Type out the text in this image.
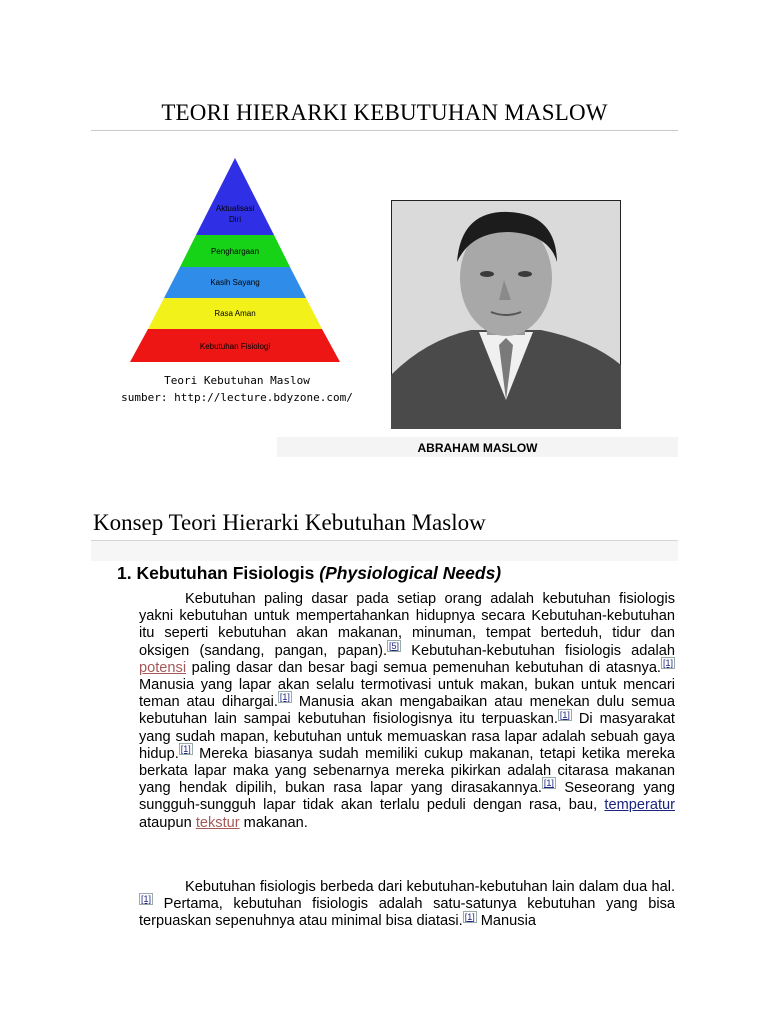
TEORI HIERARKI KEBUTUHAN MASLOW
Aktualisasi
Diri
Penghargaan
Kasih Sayang
Rasa Aman
Kebutuhan Fisiologi
Teori Kebutuhan Maslow
sumber: http://lecture.bdyzone.com/
ABRAHAM MASLOW
Konsep Teori Hierarki Kebutuhan Maslow
1. Kebutuhan Fisiologis (Physiological Needs)

Kebutuhan paling dasar pada setiap orang adalah kebutuhan fisiologis yakni kebutuhan untuk mempertahankan hidupnya secara Kebutuhan-kebutuhan itu seperti kebutuhan akan makanan, minuman, tempat berteduh, tidur dan oksigen (sandang, pangan, papan). [5] Kebutuhan-kebutuhan fisiologis adalah potensi paling dasar dan besar bagi semua pemenuhan kebutuhan di atasnya. [1] Manusia yang lapar akan selalu termotivasi untuk makan, bukan untuk mencari teman atau dihargai. [1] Manusia akan mengabaikan atau menekan dulu semua kebutuhan lain sampai kebutuhan fisiologisnya itu terpuaskan. [1] Di masyarakat yang sudah mapan, kebutuhan untuk memuaskan rasa lapar adalah sebuah gaya hidup. [1] Mereka biasanya sudah memiliki cukup makanan, tetapi ketika mereka berkata lapar maka yang sebenarnya mereka pikirkan adalah citarasa makanan yang hendak dipilih, bukan rasa lapar yang dirasakannya. [1] Seseorang yang sungguh-sungguh lapar tidak akan terlalu peduli dengan rasa, bau, temperatur ataupun tekstur makanan.

Kebutuhan fisiologis berbeda dari kebutuhan-kebutuhan lain dalam dua hal.[1] Pertama, kebutuhan fisiologis adalah satu-satunya kebutuhan yang bisa terpuaskan sepenuhnya atau minimal bisa diatasi. [1] Manusia
